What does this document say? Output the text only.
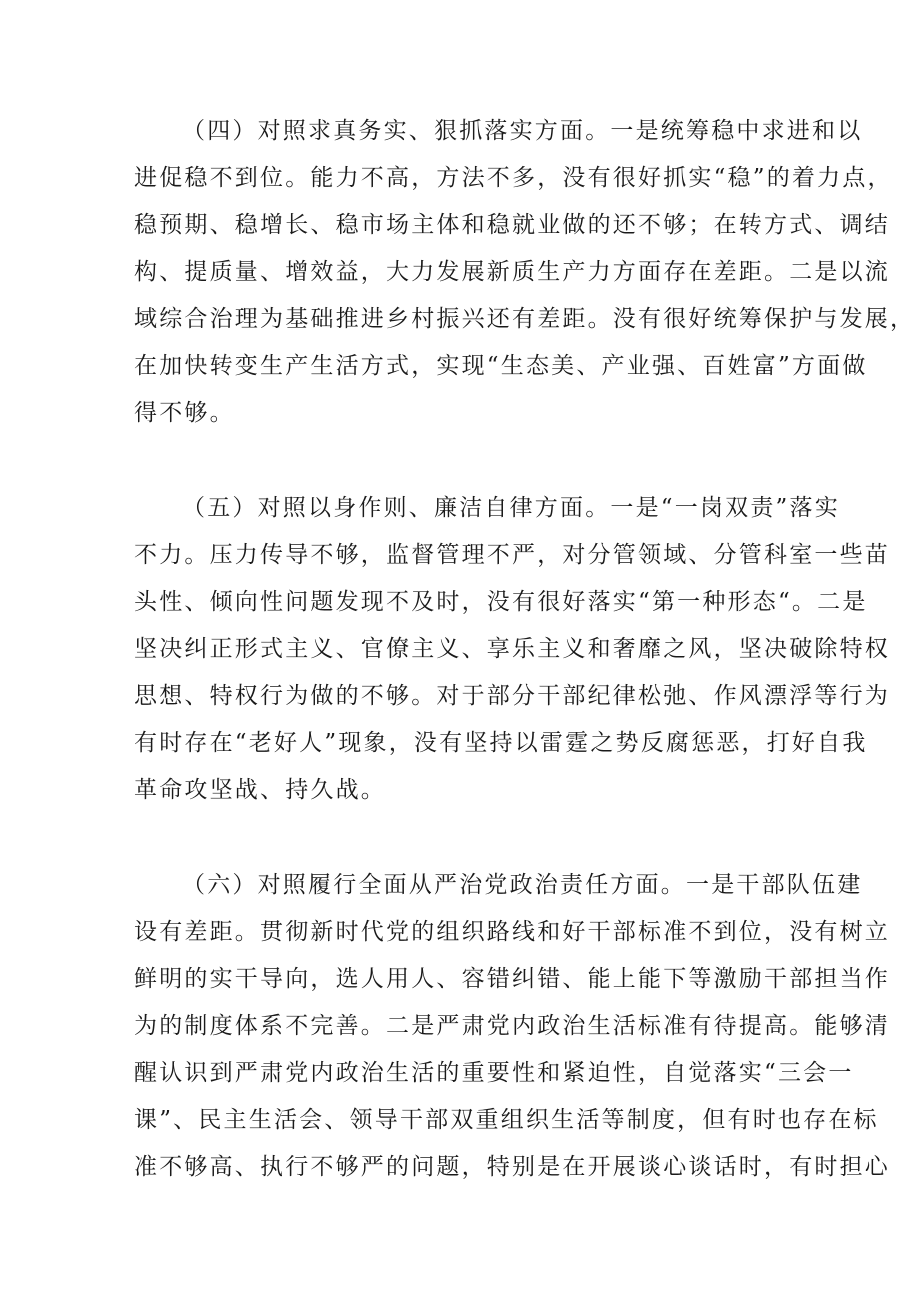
（四）对照求真务实、狠抓落实方面。一是统筹稳中求进和以
进促稳不到位。能力不高，方法不多，没有很好抓实“稳”的着力点，
稳预期、稳增长、稳市场主体和稳就业做的还不够；在转方式、调结
构、提质量、增效益，大力发展新质生产力方面存在差距。二是以流
域综合治理为基础推进乡村振兴还有差距。没有很好统筹保护与发展，
在加快转变生产生活方式，实现“生态美、产业强、百姓富”方面做
得不够。
（五）对照以身作则、廉洁自律方面。一是“一岗双责”落实
不力。压力传导不够，监督管理不严，对分管领域、分管科室一些苗
头性、倾向性问题发现不及时，没有很好落实“第一种形态“。二是
坚决纠正形式主义、官僚主义、享乐主义和奢靡之风，坚决破除特权
思想、特权行为做的不够。对于部分干部纪律松弛、作风漂浮等行为
有时存在“老好人”现象，没有坚持以雷霆之势反腐惩恶，打好自我
革命攻坚战、持久战。
（六）对照履行全面从严治党政治责任方面。一是干部队伍建
设有差距。贯彻新时代党的组织路线和好干部标准不到位，没有树立
鲜明的实干导向，选人用人、容错纠错、能上能下等激励干部担当作
为的制度体系不完善。二是严肃党内政治生活标准有待提高。能够清
醒认识到严肃党内政治生活的重要性和紧迫性，自觉落实“三会一
课”、民主生活会、领导干部双重组织生活等制度，但有时也存在标
准不够高、执行不够严的问题，特别是在开展谈心谈话时，有时担心
